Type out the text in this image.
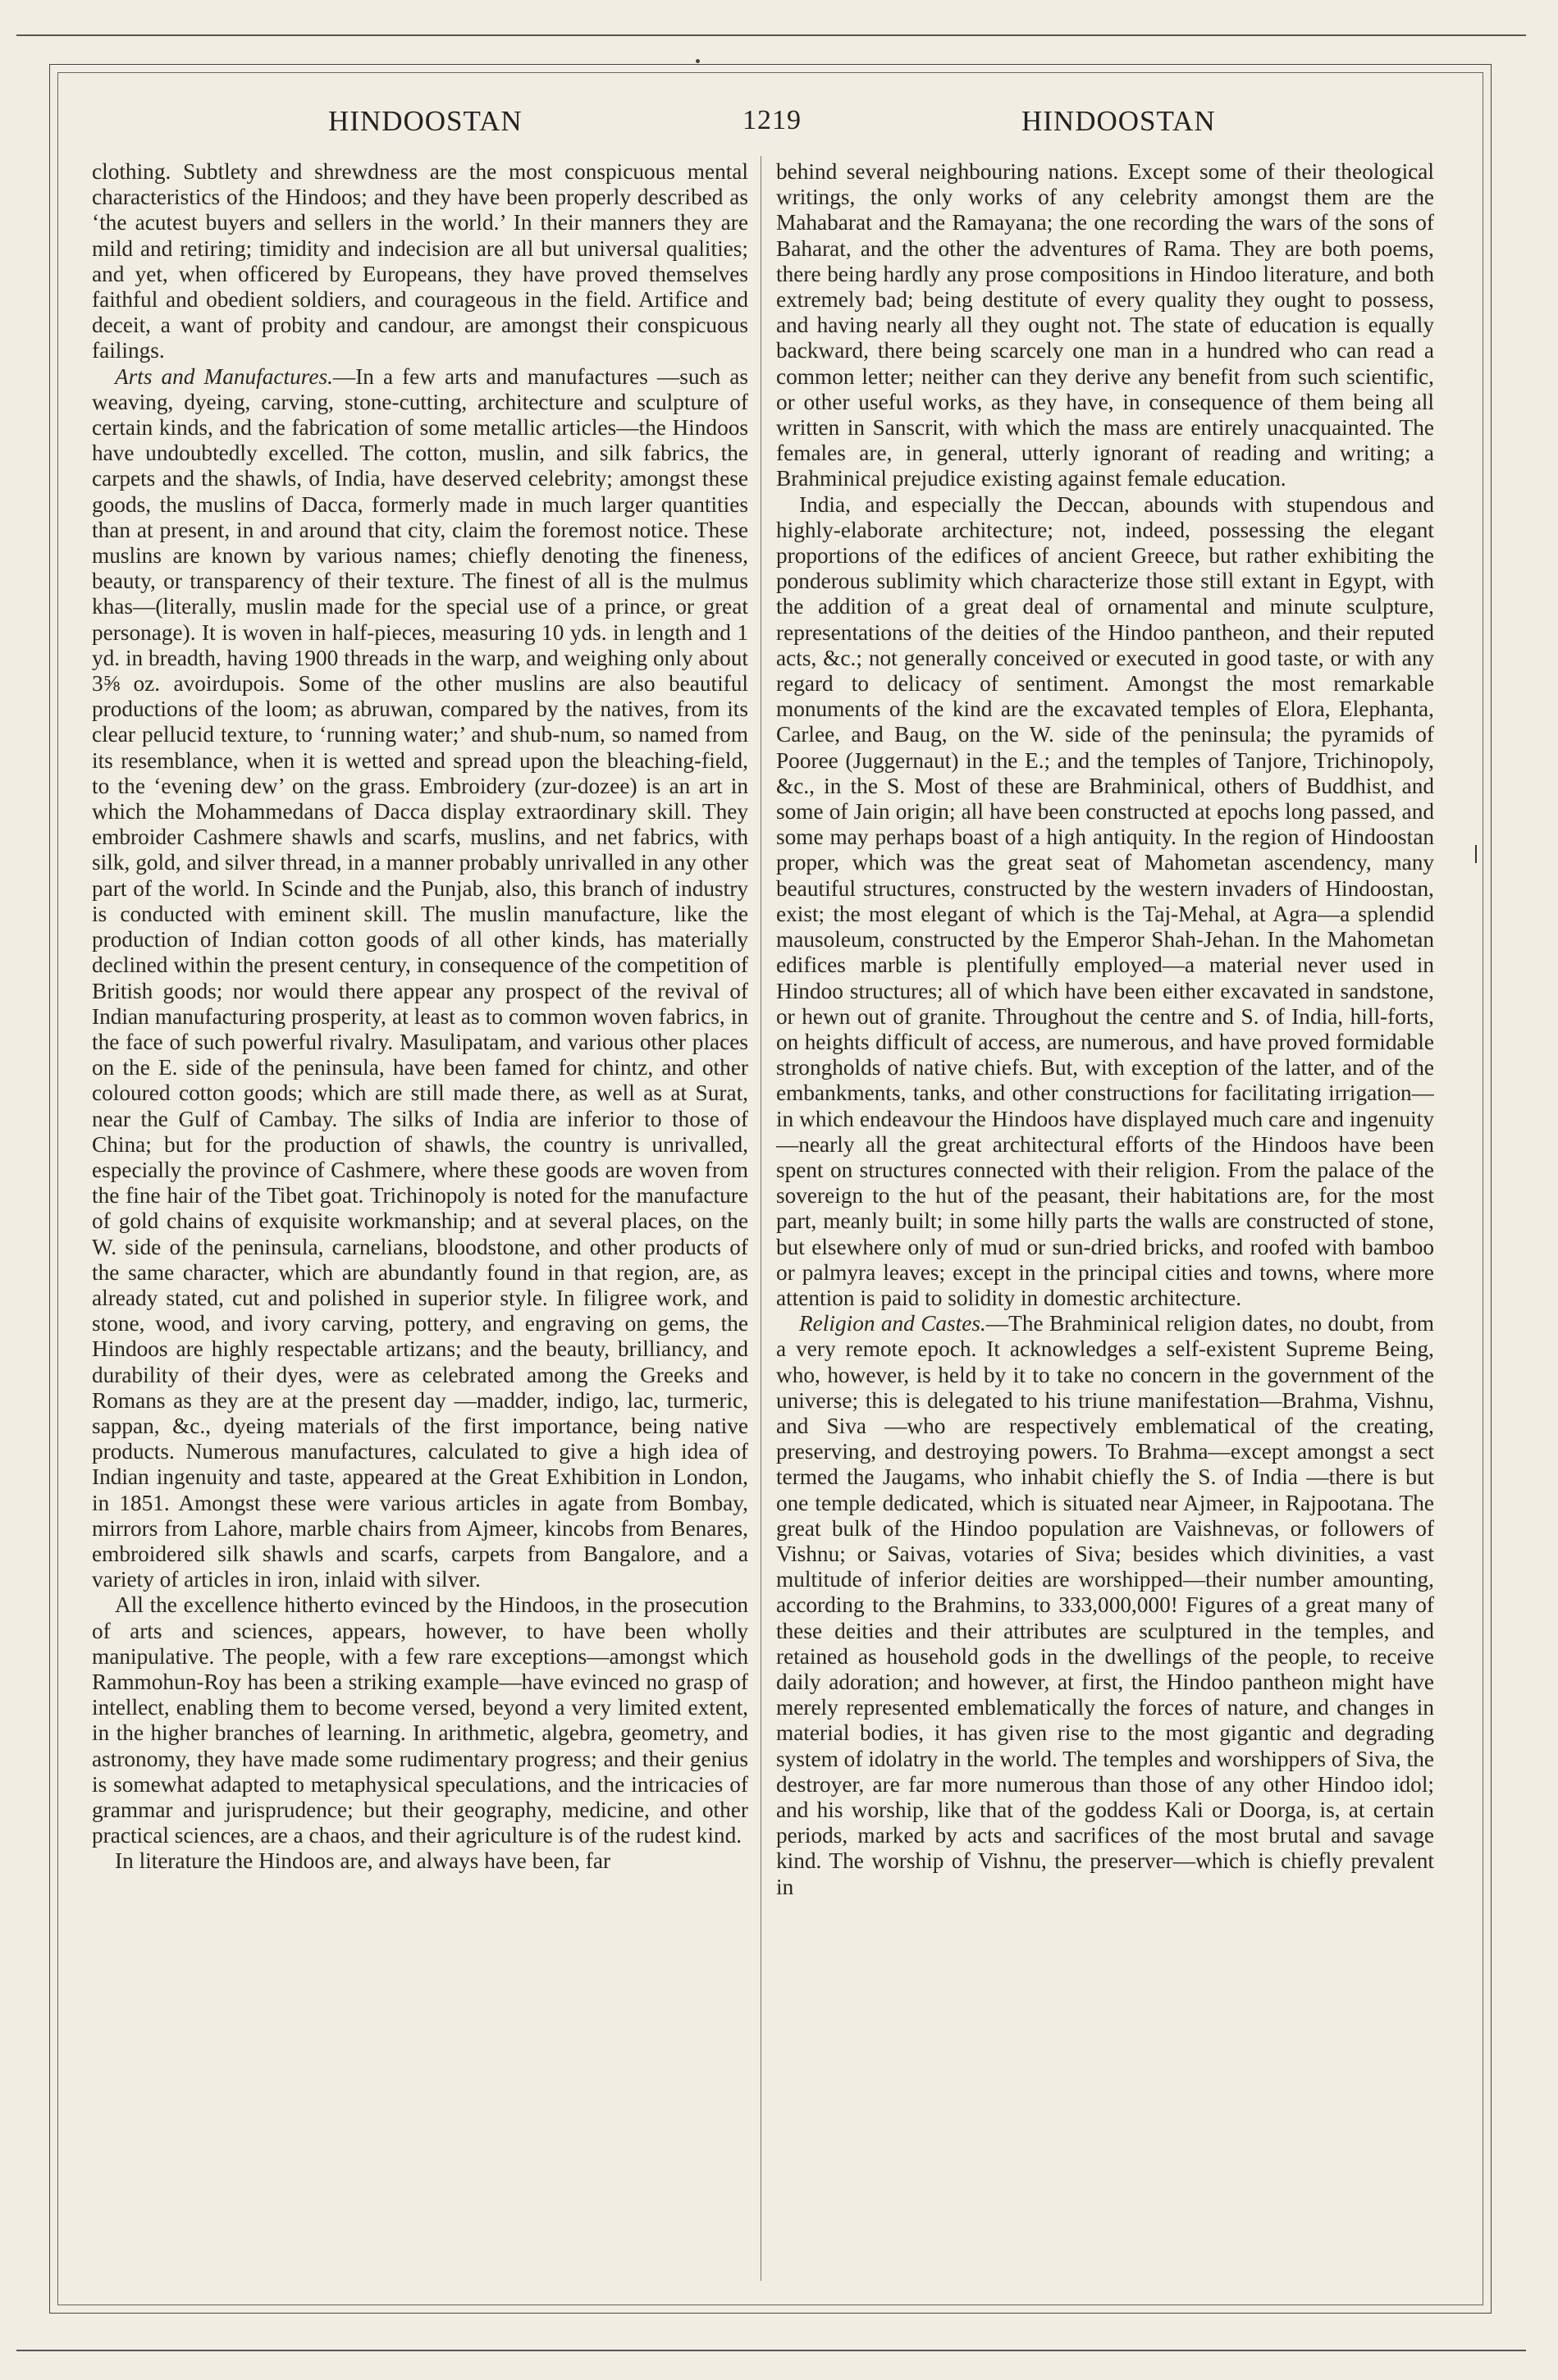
HINDOOSTAN	1219	HINDOOSTAN

clothing. Subtlety and shrewdness are the most conspicuous mental characteristics of the Hindoos; and they have been properly described as ‘the acutest buyers and sellers in the world.’ In their manners they are mild and retiring; timidity and indecision are all but universal qualities; and yet, when officered by Europeans, they have proved themselves faithful and obedient soldiers, and courageous in the field. Artifice and deceit, a want of probity and candour, are amongst their conspicuous failings.

Arts and Manufactures.—In a few arts and manufactures —such as weaving, dyeing, carving, stone-cutting, architecture and sculpture of certain kinds, and the fabrication of some metallic articles—the Hindoos have undoubtedly excelled. The cotton, muslin, and silk fabrics, the carpets and the shawls, of India, have deserved celebrity; amongst these goods, the muslins of Dacca, formerly made in much larger quantities than at present, in and around that city, claim the foremost notice. These muslins are known by various names; chiefly denoting the fineness, beauty, or transparency of their texture. The finest of all is the mulmus khas—(literally, muslin made for the special use of a prince, or great personage). It is woven in half-pieces, measuring 10 yds. in length and 1 yd. in breadth, having 1900 threads in the warp, and weighing only about 3⅝ oz. avoirdupois. Some of the other muslins are also beautiful productions of the loom; as abruwan, compared by the natives, from its clear pellucid texture, to ‘running water;’ and shub-num, so named from its resemblance, when it is wetted and spread upon the bleaching-field, to the ‘evening dew’ on the grass. Embroidery (zur-dozee) is an art in which the Mohammedans of Dacca display extraordinary skill. They embroider Cashmere shawls and scarfs, muslins, and net fabrics, with silk, gold, and silver thread, in a manner probably unrivalled in any other part of the world. In Scinde and the Punjab, also, this branch of industry is conducted with eminent skill. The muslin manufacture, like the production of Indian cotton goods of all other kinds, has materially declined within the present century, in consequence of the competition of British goods; nor would there appear any prospect of the revival of Indian manufacturing prosperity, at least as to common woven fabrics, in the face of such powerful rivalry. Masulipatam, and various other places on the E. side of the peninsula, have been famed for chintz, and other coloured cotton goods; which are still made there, as well as at Surat, near the Gulf of Cambay. The silks of India are inferior to those of China; but for the production of shawls, the country is unrivalled, especially the province of Cashmere, where these goods are woven from the fine hair of the Tibet goat. Trichinopoly is noted for the manufacture of gold chains of exquisite workmanship; and at several places, on the W. side of the peninsula, carnelians, bloodstone, and other products of the same character, which are abundantly found in that region, are, as already stated, cut and polished in superior style. In filigree work, and stone, wood, and ivory carving, pottery, and engraving on gems, the Hindoos are highly respectable artizans; and the beauty, brilliancy, and durability of their dyes, were as celebrated among the Greeks and Romans as they are at the present day —madder, indigo, lac, turmeric, sappan, &c., dyeing materials of the first importance, being native products. Numerous manufactures, calculated to give a high idea of Indian ingenuity and taste, appeared at the Great Exhibition in London, in 1851. Amongst these were various articles in agate from Bombay, mirrors from Lahore, marble chairs from Ajmeer, kincobs from Benares, embroidered silk shawls and scarfs, carpets from Bangalore, and a variety of articles in iron, inlaid with silver.

All the excellence hitherto evinced by the Hindoos, in the prosecution of arts and sciences, appears, however, to have been wholly manipulative. The people, with a few rare exceptions—amongst which Rammohun-Roy has been a striking example—have evinced no grasp of intellect, enabling them to become versed, beyond a very limited extent, in the higher branches of learning. In arithmetic, algebra, geometry, and astronomy, they have made some rudimentary progress; and their genius is somewhat adapted to metaphysical speculations, and the intricacies of grammar and jurisprudence; but their geography, medicine, and other practical sciences, are a chaos, and their agriculture is of the rudest kind.

In literature the Hindoos are, and always have been, far

behind several neighbouring nations. Except some of their theological writings, the only works of any celebrity amongst them are the Mahabarat and the Ramayana; the one recording the wars of the sons of Baharat, and the other the adventures of Rama. They are both poems, there being hardly any prose compositions in Hindoo literature, and both extremely bad; being destitute of every quality they ought to possess, and having nearly all they ought not. The state of education is equally backward, there being scarcely one man in a hundred who can read a common letter; neither can they derive any benefit from such scientific, or other useful works, as they have, in consequence of them being all written in Sanscrit, with which the mass are entirely unacquainted. The females are, in general, utterly ignorant of reading and writing; a Brahminical prejudice existing against female education.

India, and especially the Deccan, abounds with stupendous and highly-elaborate architecture; not, indeed, possessing the elegant proportions of the edifices of ancient Greece, but rather exhibiting the ponderous sublimity which characterize those still extant in Egypt, with the addition of a great deal of ornamental and minute sculpture, representations of the deities of the Hindoo pantheon, and their reputed acts, &c.; not generally conceived or executed in good taste, or with any regard to delicacy of sentiment. Amongst the most remarkable monuments of the kind are the excavated temples of Elora, Elephanta, Carlee, and Baug, on the W. side of the peninsula; the pyramids of Pooree (Juggernaut) in the E.; and the temples of Tanjore, Trichinopoly, &c., in the S. Most of these are Brahminical, others of Buddhist, and some of Jain origin; all have been constructed at epochs long passed, and some may perhaps boast of a high antiquity. In the region of Hindoostan proper, which was the great seat of Mahometan ascendency, many beautiful structures, constructed by the western invaders of Hindoostan, exist; the most elegant of which is the Taj-Mehal, at Agra—a splendid mausoleum, constructed by the Emperor Shah-Jehan. In the Mahometan edifices marble is plentifully employed—a material never used in Hindoo structures; all of which have been either excavated in sandstone, or hewn out of granite. Throughout the centre and S. of India, hill-forts, on heights difficult of access, are numerous, and have proved formidable strongholds of native chiefs. But, with exception of the latter, and of the embankments, tanks, and other constructions for facilitating irrigation—in which endeavour the Hindoos have displayed much care and ingenuity—nearly all the great architectural efforts of the Hindoos have been spent on structures connected with their religion. From the palace of the sovereign to the hut of the peasant, their habitations are, for the most part, meanly built; in some hilly parts the walls are constructed of stone, but elsewhere only of mud or sun-dried bricks, and roofed with bamboo or palmyra leaves; except in the principal cities and towns, where more attention is paid to solidity in domestic architecture.

Religion and Castes.—The Brahminical religion dates, no doubt, from a very remote epoch. It acknowledges a self-existent Supreme Being, who, however, is held by it to take no concern in the government of the universe; this is delegated to his triune manifestation—Brahma, Vishnu, and Siva —who are respectively emblematical of the creating, preserving, and destroying powers. To Brahma—except amongst a sect termed the Jaugams, who inhabit chiefly the S. of India —there is but one temple dedicated, which is situated near Ajmeer, in Rajpootana. The great bulk of the Hindoo population are Vaishnevas, or followers of Vishnu; or Saivas, votaries of Siva; besides which divinities, a vast multitude of inferior deities are worshipped—their number amounting, according to the Brahmins, to 333,000,000! Figures of a great many of these deities and their attributes are sculptured in the temples, and retained as household gods in the dwellings of the people, to receive daily adoration; and however, at first, the Hindoo pantheon might have merely represented emblematically the forces of nature, and changes in material bodies, it has given rise to the most gigantic and degrading system of idolatry in the world. The temples and worshippers of Siva, the destroyer, are far more numerous than those of any other Hindoo idol; and his worship, like that of the goddess Kali or Doorga, is, at certain periods, marked by acts and sacrifices of the most brutal and savage kind. The worship of Vishnu, the preserver—which is chiefly prevalent in
